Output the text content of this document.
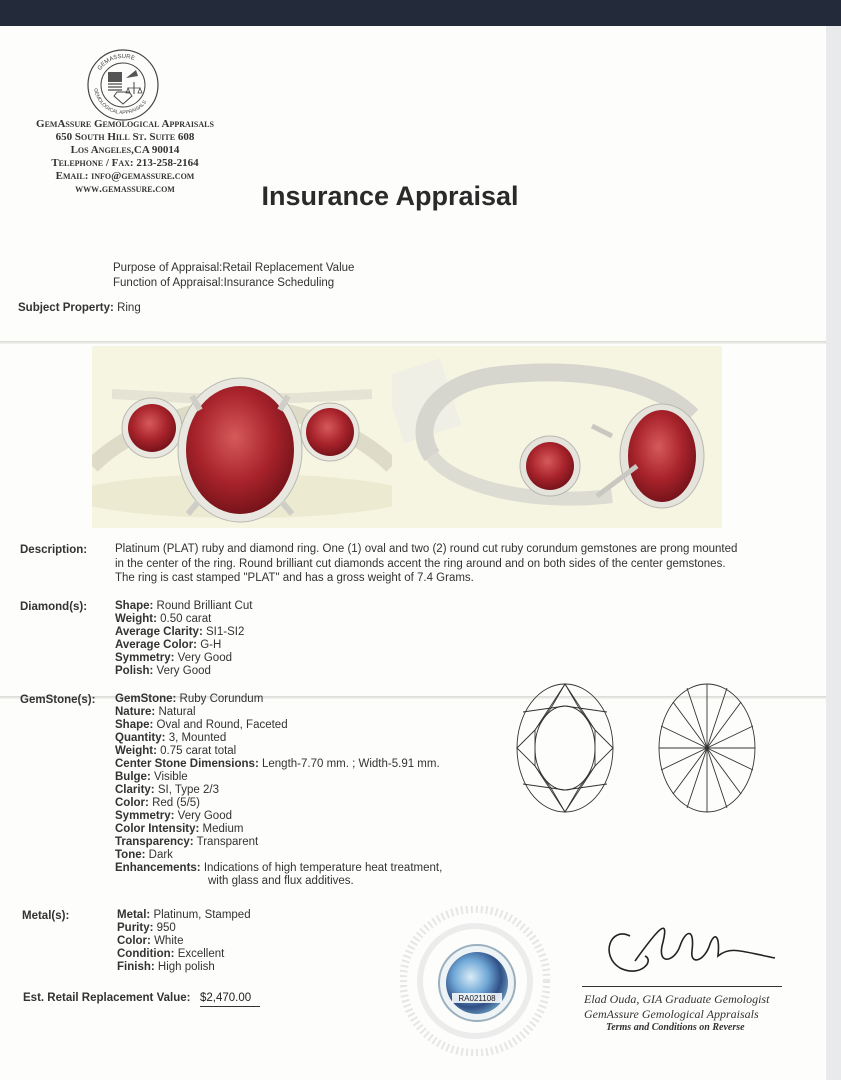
GEMASSURE
GEMOLOGICAL APPRAISALS
GemAssure Gemological Appraisals
650 South Hill St. Suite 608
Los Angeles,CA 90014
Telephone / Fax: 213-258-2164
Email: info@gemassure.com
www.gemassure.com	Insurance Appraisal
Purpose of Appraisal:Retail Replacement Value
Function of Appraisal:Insurance Scheduling
Subject Property: Ring
Description: Platinum (PLAT) ruby and diamond ring. One (1) oval and two (2) round cut ruby corundum gemstones are prong mounted
in the center of the ring. Round brilliant cut diamonds accent the ring around and on both sides of the center gemstones.
The ring is cast stamped "PLAT" and has a gross weight of 7.4 Grams.
Diamond(s): Shape: Round Brilliant Cut
Weight: 0.50 carat
Average Clarity: SI1-SI2
Average Color: G-H
Symmetry: Very Good
Polish: Very Good
GemStone(s): GemStone: Ruby Corundum
Nature: Natural
Shape: Oval and Round, Faceted
Quantity: 3, Mounted
Weight: 0.75 carat total
Center Stone Dimensions: Length-7.70 mm. ; Width-5.91 mm.
Bulge: Visible
Clarity: SI, Type 2/3
Color: Red (5/5)
Symmetry: Very Good
Color Intensity: Medium
Transparency: Transparent
Tone: Dark
Enhancements: Indications of high temperature heat treatment,
with glass and flux additives.
Metal(s):	Metal: Platinum, Stamped
Purity: 950
Color: White
Condition: Excellent
Finish: High polish
Est. Retail Replacement Value: $2,470.00	RA021108	Elad Ouda, GIA Graduate Gemologist
GemAssure Gemological Appraisals
Terms and Conditions on Reverse
